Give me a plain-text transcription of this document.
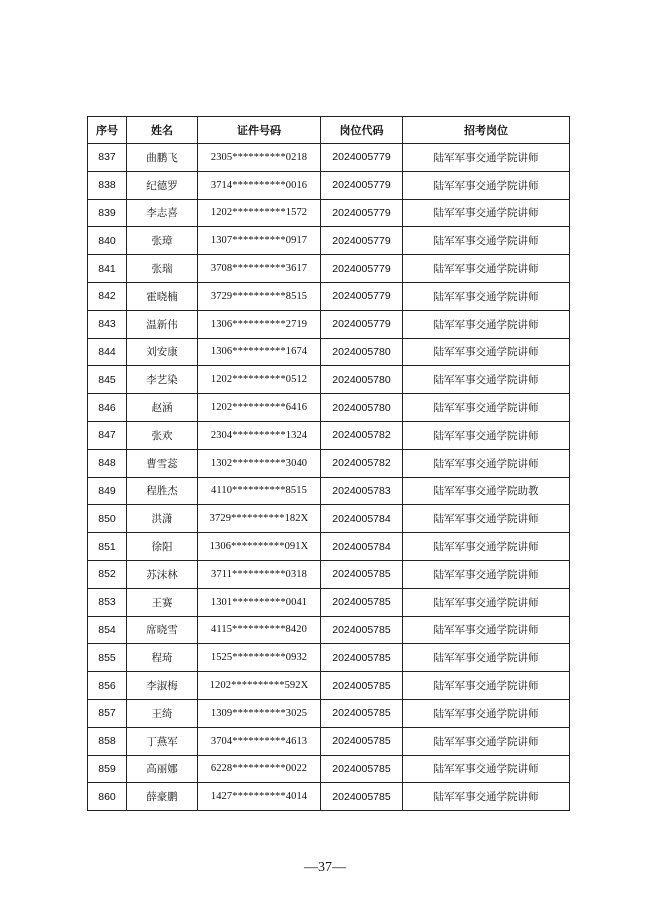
序号	姓名	证件号码	岗位代码	招考岗位
837	曲鹏飞	2305**********0218	2024005779	陆军军事交通学院讲师
838	纪德罗	3714**********0016	2024005779	陆军军事交通学院讲师
839	李志喜	1202**********1572	2024005779	陆军军事交通学院讲师
840	张璋	1307**********0917	2024005779	陆军军事交通学院讲师
841	张瑞	3708**********3617	2024005779	陆军军事交通学院讲师
842	霍晓楠	3729**********8515	2024005779	陆军军事交通学院讲师
843	温新伟	1306**********2719	2024005779	陆军军事交通学院讲师
844	刘安康	1306**********1674	2024005780	陆军军事交通学院讲师
845	李艺染	1202**********0512	2024005780	陆军军事交通学院讲师
846	赵涵	1202**********6416	2024005780	陆军军事交通学院讲师
847	张欢	2304**********1324	2024005782	陆军军事交通学院讲师
848	曹雪蕊	1302**********3040	2024005782	陆军军事交通学院讲师
849	程胜杰	4110**********8515	2024005783	陆军军事交通学院助教
850	洪潇	3729**********182X	2024005784	陆军军事交通学院讲师
851	徐阳	1306**********091X	2024005784	陆军军事交通学院讲师
852	苏沫林	3711**********0318	2024005785	陆军军事交通学院讲师
853	王赛	1301**********0041	2024005785	陆军军事交通学院讲师
854	席晓雪	4115**********8420	2024005785	陆军军事交通学院讲师
855	程琦	1525**********0932	2024005785	陆军军事交通学院讲师
856	李淑梅	1202**********592X	2024005785	陆军军事交通学院讲师
857	王绮	1309**********3025	2024005785	陆军军事交通学院讲师
858	丁燕军	3704**********4613	2024005785	陆军军事交通学院讲师
859	高丽娜	6228**********0022	2024005785	陆军军事交通学院讲师
860	薛豪鹏	1427**********4014	2024005785	陆军军事交通学院讲师
—37—
